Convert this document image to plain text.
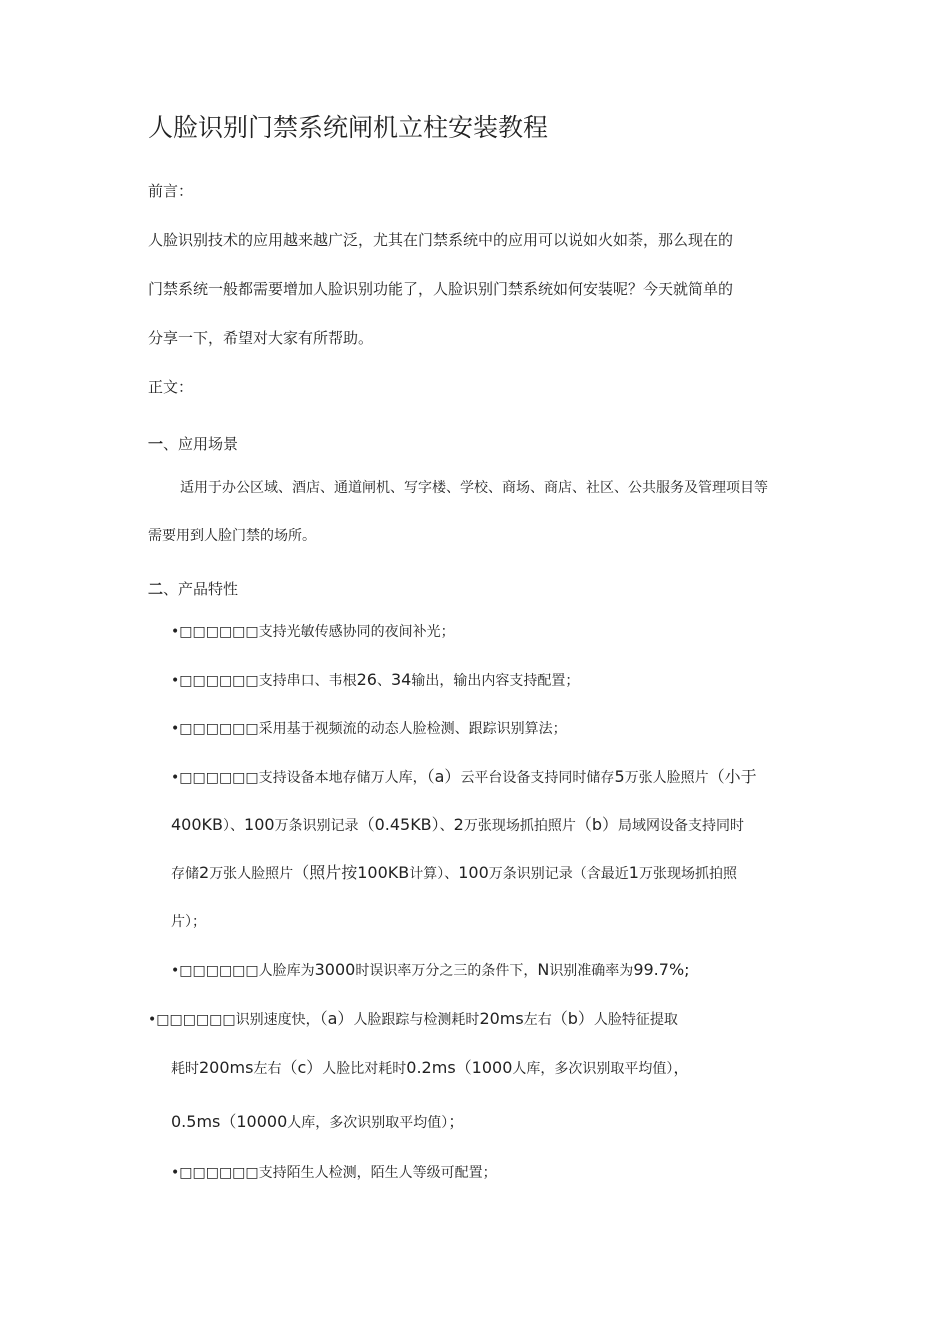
人脸识别门禁系统闸机立柱安装教程
前言：
人脸识别技术的应用越来越广泛，尤其在门禁系统中的应用可以说如火如荼，那么现在的
门禁系统一般都需要增加人脸识别功能了，人脸识别门禁系统如何安装呢？今天就简单的
分享一下，希望对大家有所帮助。
正文：
一、应用场景
适用于办公区域、酒店、通道闸机、写字楼、学校、商场、商店、社区、公共服务及管理项目等
需要用到人脸门禁的场所。
二、产品特性
•□□□□□□支持光敏传感协同的夜间补光；
•□□□□□□支持串口、韦根26、34输出，输出内容支持配置；
•□□□□□□采用基于视频流的动态人脸检测、跟踪识别算法；
•□□□□□□支持设备本地存储万人库，（a）云平台设备支持同时储存5万张人脸照片（小于
400KB）、100万条识别记录（0.45KB）、2万张现场抓拍照片（b）局域网设备支持同时
存储2万张人脸照片（照片按100KB计算）、100万条识别记录（含最近1万张现场抓拍照
片）；
•□□□□□□人脸库为3000时误识率万分之三的条件下，N识别准确率为99.7%;
•□□□□□□识别速度快，（a）人脸跟踪与检测耗时20ms左右（b）人脸特征提取
耗时200ms左右（c）人脸比对耗时0.2ms（1000人库，多次识别取平均值），
0.5ms（10000人库，多次识别取平均值）；
•□□□□□□支持陌生人检测，陌生人等级可配置；
